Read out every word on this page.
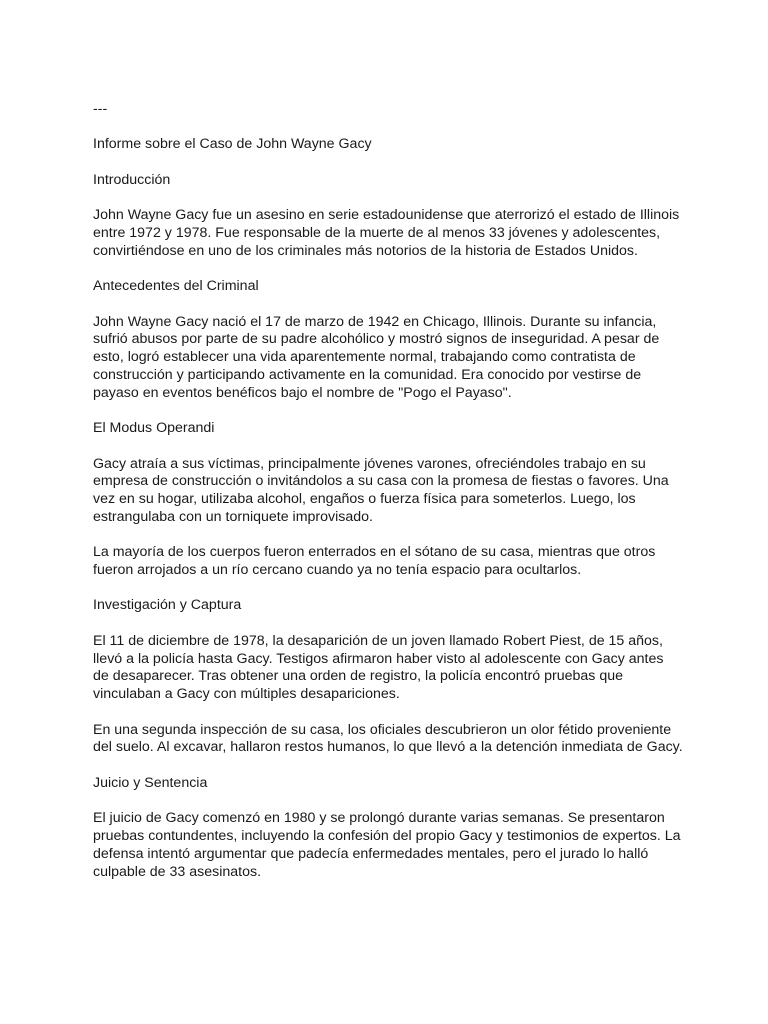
---

Informe sobre el Caso de John Wayne Gacy

Introducción

John Wayne Gacy fue un asesino en serie estadounidense que aterrorizó el estado de Illinois entre 1972 y 1978. Fue responsable de la muerte de al menos 33 jóvenes y adolescentes, convirtiéndose en uno de los criminales más notorios de la historia de Estados Unidos.

Antecedentes del Criminal

John Wayne Gacy nació el 17 de marzo de 1942 en Chicago, Illinois. Durante su infancia, sufrió abusos por parte de su padre alcohólico y mostró signos de inseguridad. A pesar de esto, logró establecer una vida aparentemente normal, trabajando como contratista de construcción y participando activamente en la comunidad. Era conocido por vestirse de payaso en eventos benéficos bajo el nombre de "Pogo el Payaso".

El Modus Operandi

Gacy atraía a sus víctimas, principalmente jóvenes varones, ofreciéndoles trabajo en su empresa de construcción o invitándolos a su casa con la promesa de fiestas o favores. Una vez en su hogar, utilizaba alcohol, engaños o fuerza física para someterlos. Luego, los estrangulaba con un torniquete improvisado.

La mayoría de los cuerpos fueron enterrados en el sótano de su casa, mientras que otros fueron arrojados a un río cercano cuando ya no tenía espacio para ocultarlos.

Investigación y Captura

El 11 de diciembre de 1978, la desaparición de un joven llamado Robert Piest, de 15 años, llevó a la policía hasta Gacy. Testigos afirmaron haber visto al adolescente con Gacy antes de desaparecer. Tras obtener una orden de registro, la policía encontró pruebas que vinculaban a Gacy con múltiples desapariciones.

En una segunda inspección de su casa, los oficiales descubrieron un olor fétido proveniente del suelo. Al excavar, hallaron restos humanos, lo que llevó a la detención inmediata de Gacy.

Juicio y Sentencia

El juicio de Gacy comenzó en 1980 y se prolongó durante varias semanas. Se presentaron pruebas contundentes, incluyendo la confesión del propio Gacy y testimonios de expertos. La defensa intentó argumentar que padecía enfermedades mentales, pero el jurado lo halló culpable de 33 asesinatos.
